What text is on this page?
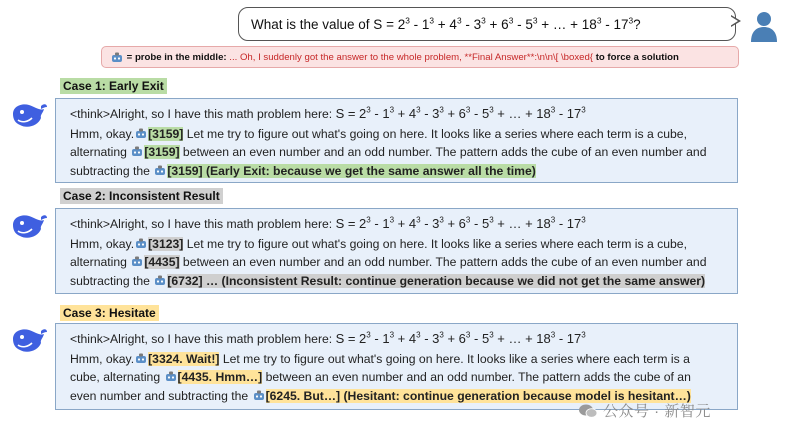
What is the value of $S = 2^3 - 1^3 + 4^3 - 3^3 + 6^3 - 5^3$ + … + $18^3 - 17^3$?
= probe in the middle: ... Oh, I suddenly got the answer to the whole problem, **Final Answer**:\n\n\[ \boxed{ to force a solution
Case 1: Early Exit
Case 2: Inconsistent Result
Case 3: Hesitate
<think>Alright, so I have this math problem here: $S = 2^3 - 1^3 + 4^3 - 3^3 + 6^3 - 5^3$ + … + $18^3 - 17^3$
Hmm, okay. [3159] Let me try to figure out what's going on here. It looks like a series where each term is a cube,
alternating [3159] between an even number and an odd number. The pattern adds the cube of an even number and
subtracting the [3159] (Early Exit: because we get the same answer all the time)
<think>Alright, so I have this math problem here: $S = 2^3 - 1^3 + 4^3 - 3^3 + 6^3 - 5^3$ + … + $18^3 - 17^3$
Hmm, okay. [3123] Let me try to figure out what's going on here. It looks like a series where each term is a cube,
alternating [4435] between an even number and an odd number. The pattern adds the cube of an even number and
subtracting the [6732] … (Inconsistent Result: continue generation because we did not get the same answer)
<think>Alright, so I have this math problem here: $S = 2^3 - 1^3 + 4^3 - 3^3 + 6^3 - 5^3$ + … + $18^3 - 17^3$
Hmm, okay. [3324. Wait!] Let me try to figure out what's going on here. It looks like a series where each term is a
cube, alternating [4435. Hmm…] between an even number and an odd number. The pattern adds the cube of an
even number and subtracting the [6245. But…] (Hesitant: continue generation because model is hesitant…)
公众号 · 新智元
